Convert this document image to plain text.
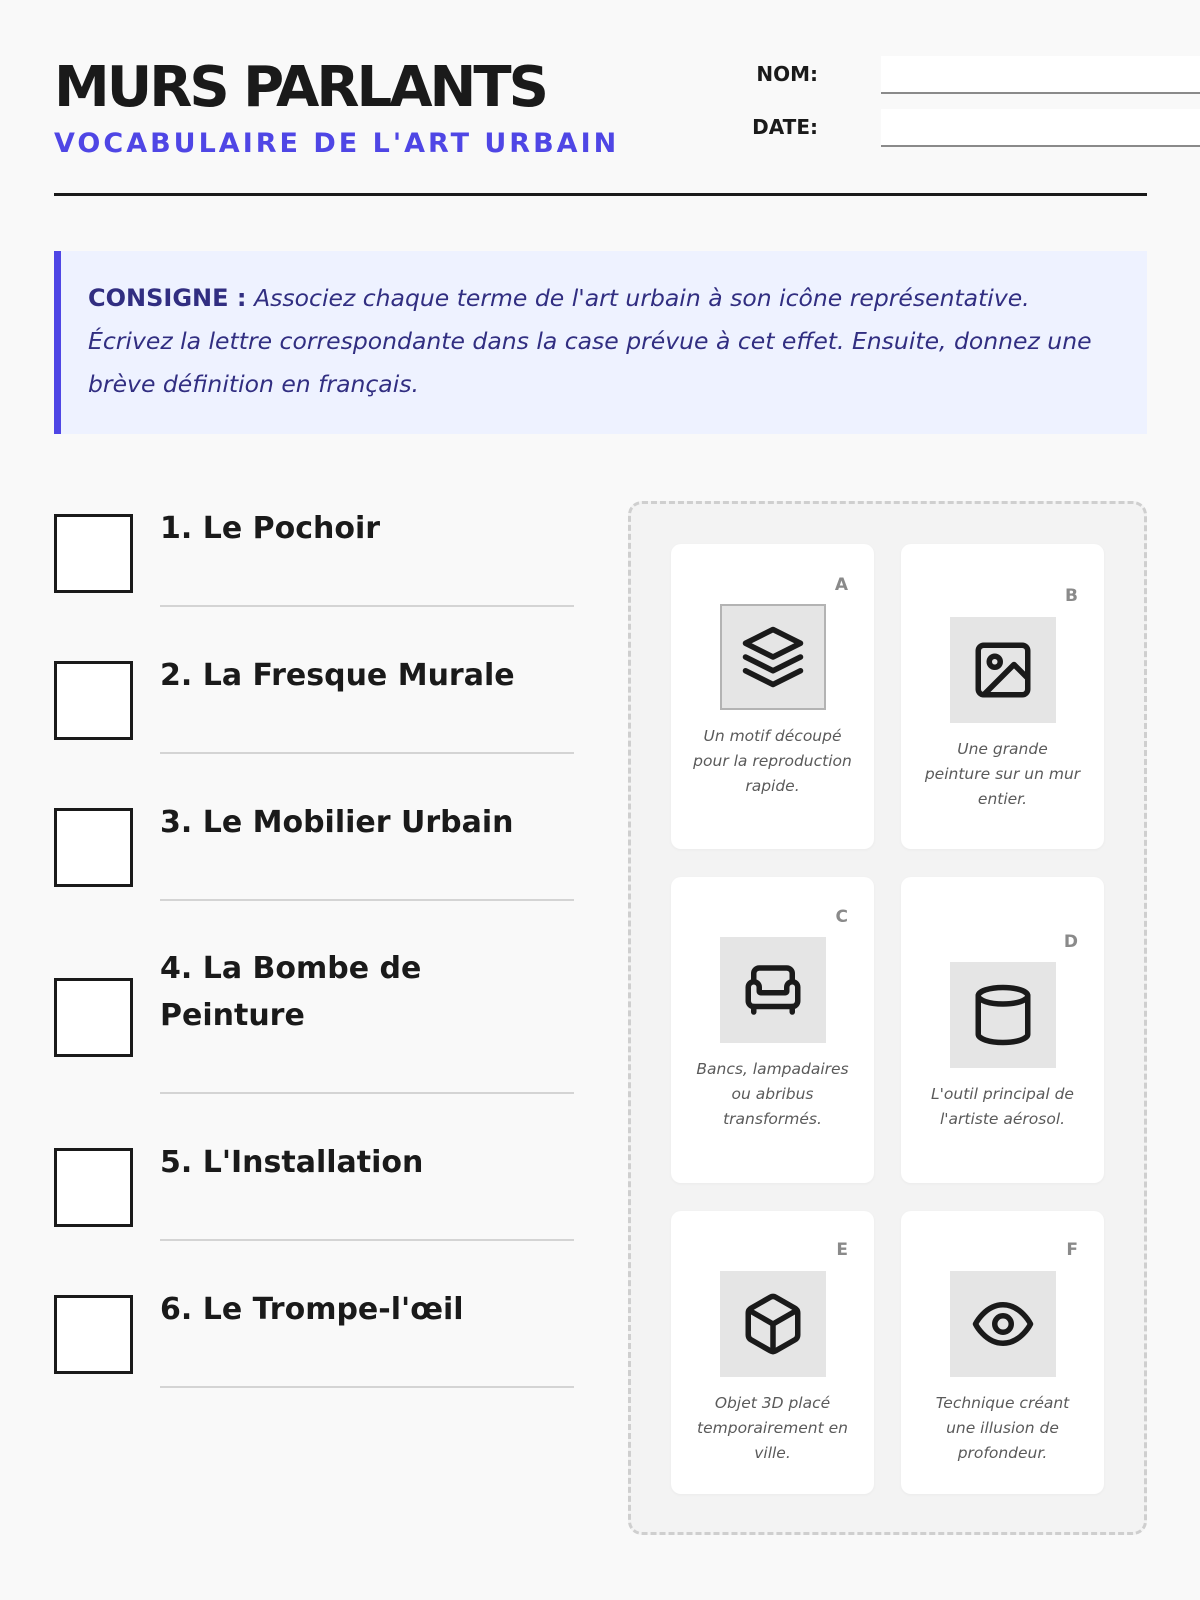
MURS PARLANTS
VOCABULAIRE DE L'ART URBAIN
NOM:
DATE:
CONSIGNE : Associez chaque terme de l'art urbain à son icône représentative. Écrivez la lettre correspondante dans la case prévue à cet effet. Ensuite, donnez une brève définition en français.
1. Le Pochoir
2. La Fresque Murale
3. Le Mobilier Urbain
4. La Bombe de Peinture
5. L'Installation
6. Le Trompe-l'œil
A
Un motif découpé pour la reproduction rapide.
B
Une grande peinture sur un mur entier.
C
Bancs, lampadaires ou abribus transformés.
D
L'outil principal de l'artiste aérosol.
E
Objet 3D placé temporairement en ville.
F
Technique créant une illusion de profondeur.
